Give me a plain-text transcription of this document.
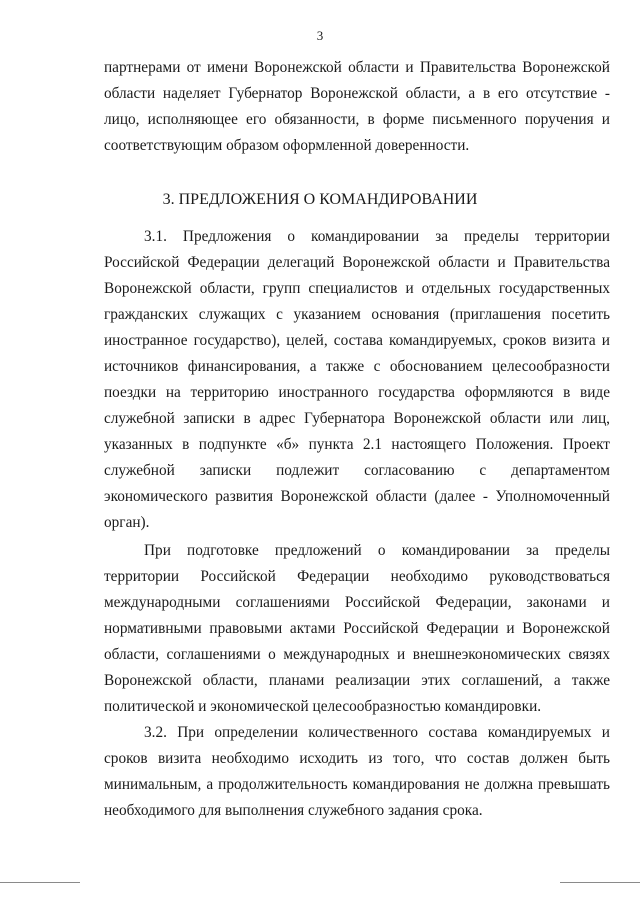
3
партнерами от имени Воронежской области и Правительства Воронежской
области наделяет Губернатор Воронежской области, а в его отсутствие -
лицо, исполняющее его обязанности, в форме письменного поручения и
соответствующим образом оформленной доверенности.
3. ПРЕДЛОЖЕНИЯ О КОМАНДИРОВАНИИ
3.1. Предложения о командировании за пределы территории
Российской Федерации делегаций Воронежской области и Правительства
Воронежской области, групп специалистов и отдельных государственных
гражданских служащих с указанием основания (приглашения посетить
иностранное государство), целей, состава командируемых, сроков визита и
источников финансирования, а также с обоснованием целесообразности
поездки на территорию иностранного государства оформляются в виде
служебной записки в адрес Губернатора Воронежской области или лиц,
указанных в подпункте «б» пункта 2.1 настоящего Положения. Проект
служебной записки подлежит согласованию с департаментом
экономического развития Воронежской области (далее - Уполномоченный
орган).
При подготовке предложений о командировании за пределы
территории Российской Федерации необходимо руководствоваться
международными соглашениями Российской Федерации, законами и
нормативными правовыми актами Российской Федерации и Воронежской
области, соглашениями о международных и внешнеэкономических связях
Воронежской области, планами реализации этих соглашений, а также
политической и экономической целесообразностью командировки.
3.2. При определении количественного состава командируемых и
сроков визита необходимо исходить из того, что состав должен быть
минимальным, а продолжительность командирования не должна превышать
необходимого для выполнения служебного задания срока.
